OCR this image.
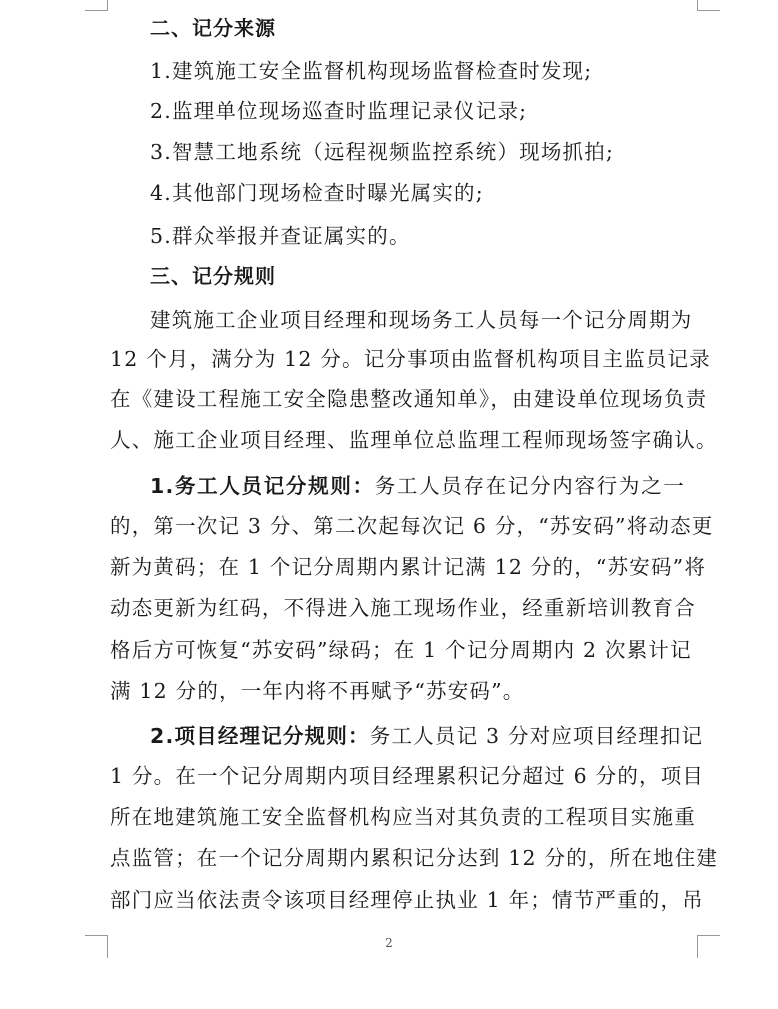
二、记分来源
1.建筑施工安全监督机构现场监督检查时发现;
2.监理单位现场巡查时监理记录仪记录;
3.智慧工地系统（远程视频监控系统）现场抓拍;
4.其他部门现场检查时曝光属实的;
5.群众举报并查证属实的。
三、记分规则
建筑施工企业项目经理和现场务工人员每一个记分周期为
12 个月，满分为 12 分。记分事项由监督机构项目主监员记录
在《建设工程施工安全隐患整改通知单》，由建设单位现场负责
人、施工企业项目经理、监理单位总监理工程师现场签字确认。
1.务工人员记分规则：务工人员存在记分内容行为之一
的，第一次记 3 分、第二次起每次记 6 分，“苏安码”将动态更
新为黄码；在 1 个记分周期内累计记满 12 分的，“苏安码”将
动态更新为红码，不得进入施工现场作业，经重新培训教育合
格后方可恢复“苏安码”绿码；在 1 个记分周期内 2 次累计记
满 12 分的，一年内将不再赋予“苏安码”。
2.项目经理记分规则：务工人员记 3 分对应项目经理扣记
1 分。在一个记分周期内项目经理累积记分超过 6 分的，项目
所在地建筑施工安全监督机构应当对其负责的工程项目实施重
点监管；在一个记分周期内累积记分达到 12 分的，所在地住建
部门应当依法责令该项目经理停止执业 1 年；情节严重的，吊
2
